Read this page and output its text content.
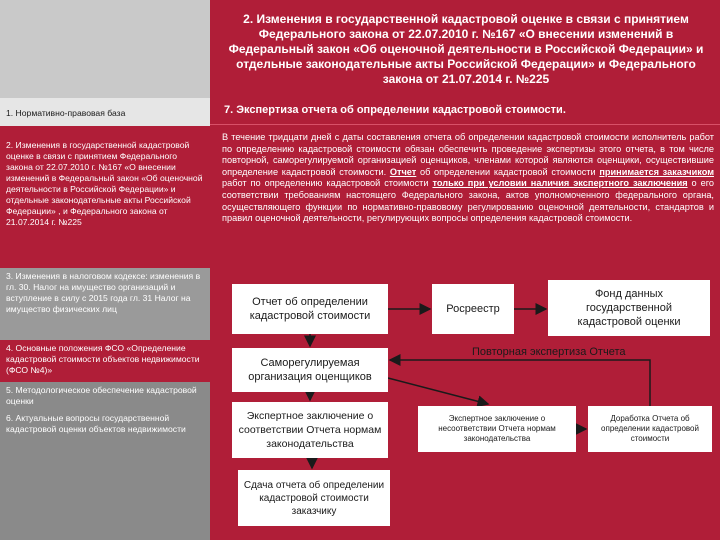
2. Изменения в государственной кадастровой оценке в связи с принятием Федерального закона от 22.07.2010 г. №167 «О внесении изменений в Федеральный закон «Об оценочной деятельности в Российской Федерации» и отдельные законодательные акты Российской Федерации» и Федерального закона от 21.07.2014 г. №225
1. Нормативно-правовая база
2. Изменения в государственной кадастровой оценке в связи с принятием Федерального закона от 22.07.2010 г. №167 «О внесении изменений в Федеральный закон «Об оценочной деятельности в Российской Федерации» и отдельные законодательные акты Российской Федерации» , и Федерального закона от 21.07.2014 г. №225
3. Изменения в налоговом кодексе: изменения в гл. 30. Налог на имущество организаций и вступление в силу с 2015 года гл. 31 Налог на имущество физических лиц
4. Основные положения ФСО «Определение кадастровой стоимости объектов недвижимости (ФСО №4)»
5. Методологическое обеспечение кадастровой оценки
6. Актуальные вопросы государственной кадастровой оценки объектов недвижимости
7. Экспертиза отчета об определении кадастровой стоимости.
В течение тридцати дней с даты составления отчета об определении кадастровой стоимости исполнитель работ по определению кадастровой стоимости обязан обеспечить проведение экспертизы этого отчета, в том числе повторной, саморегулируемой организацией оценщиков, членами которой являются оценщики, осуществившие определение кадастровой стоимости. Отчет об определении кадастровой стоимости принимается заказчиком работ по определению кадастровой стоимости только при условии наличия экспертного заключения о его соответствии требованиям настоящего Федерального закона, актов уполномоченного федерального органа, осуществляющего функции по нормативно-правовому регулированию оценочной деятельности, стандартов и правил оценочной деятельности, регулирующих вопросы определения кадастровой стоимости.
Отчет об определении кадастровой стоимости
Росреестр
Фонд данных государственной кадастровой оценки
Саморегулируемая организация оценщиков
Повторная экспертиза Отчета
Экспертное заключение о соответствии Отчета нормам законодательства
Экспертное заключение о несоответствии Отчета нормам законодательства
Доработка Отчета об определении кадастровой стоимости
Сдача отчета об определении кадастровой стоимости заказчику
